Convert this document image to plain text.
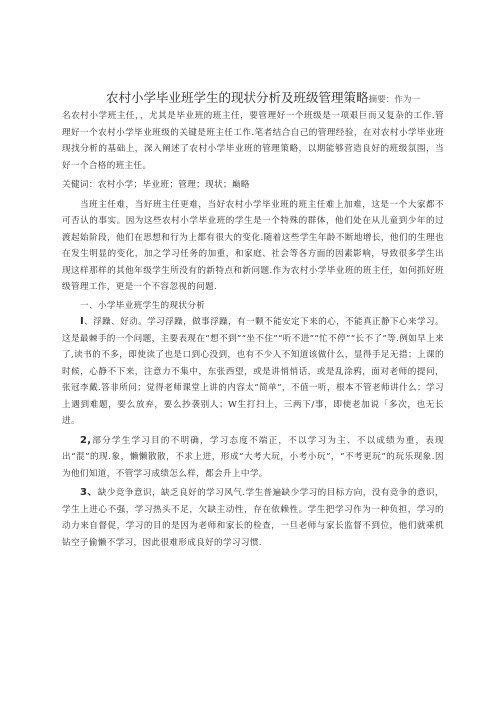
农村小学毕业班学生的现状分析及班级管理策略摘要：作为一

名农村小学班主任，，尤其是毕业班的班主任，要管理好一个班级是一项艰巨而又复杂的工作.管理好一个农村小学毕业班级的关键是班主任工作.笔者结合自己的管理经验，在对农村小学毕业班现找分析的基础上，深入阐述了农村小学毕业班的管理策略，以期能够营造良好的班级氛围，当好一个合格的班主任。

关健词：农村小学；毕业班；管理；现状；巅略

当班主任难，当好班主任更难，当好农村小学毕业班的班主任难上加难，这是一个大家都不可否认的事实。因为这些农村小学毕业班的学生是一个特殊的群体，他们处在从儿童到少年的过渡起始阶段，他们在思想和行为上都有很大的变化.随着这些学生年龄不断地增长，他们的生理也在发生明显的变化，加之学习任务的加重，和家庭、社会等各方面的因素影响，导致很多学生出现这样那样的其他年级学生所没有的新特点和新问题.作为农村小学毕业班的班主任，如何抓好班级管理工作，更是一个不容忽视的问题.

一、小学毕业班学生的现状分析

I、浮躁、好动。学习浮躁，做事浮躁，有一颗不能安定下来的心，不能真正静下心来学习。这是最棘手的一个问题，主要表现在“想不到”“坐不住”“听不进”“忙不停”“长不了”等.例如早上来了,读书的不多，即使读了也是口到心没到，也有不少人不知道该做什么，显得手足无措；上课的时候，心静不下来，注意力不集中，东张西望，或是讲悄悄话，或是乱涂鸦，面对老师的提问，张冠李戴.答非所问；觉得老师课堂上讲的内容太“简单”，不值一听，根本不管老师讲什么；学习上遇到难题，要么放弃，要么抄袭别人；W生打扫上，三两下/事，即使老加说「多次，也无长进。

2,部分学生学习目的不明确，学习态度不端正，不以学习为主、不以成绩为重，表现出“混”的现.象，懒懒散散，不求上进，形成“大考大玩，小考小玩”，“不考更玩”的玩乐现象.因为他们知道，不管学习成绩怎么样，都会升上中学。

3、缺少竞争意识，缺乏良好的学习风气.学生普遍缺少学习的目标方向，没有竞争的意识，学生上进心不强，学习热头不足，欠缺主动性，存在依赖性。学生把学习作为一种负担，学习的动力来自督促，学习的目的是因为老师和家长的检查，一旦老师与家长监督不到位，他们就乘机钻空子偷懒不学习，因此很难形成良好的学习习惯.
